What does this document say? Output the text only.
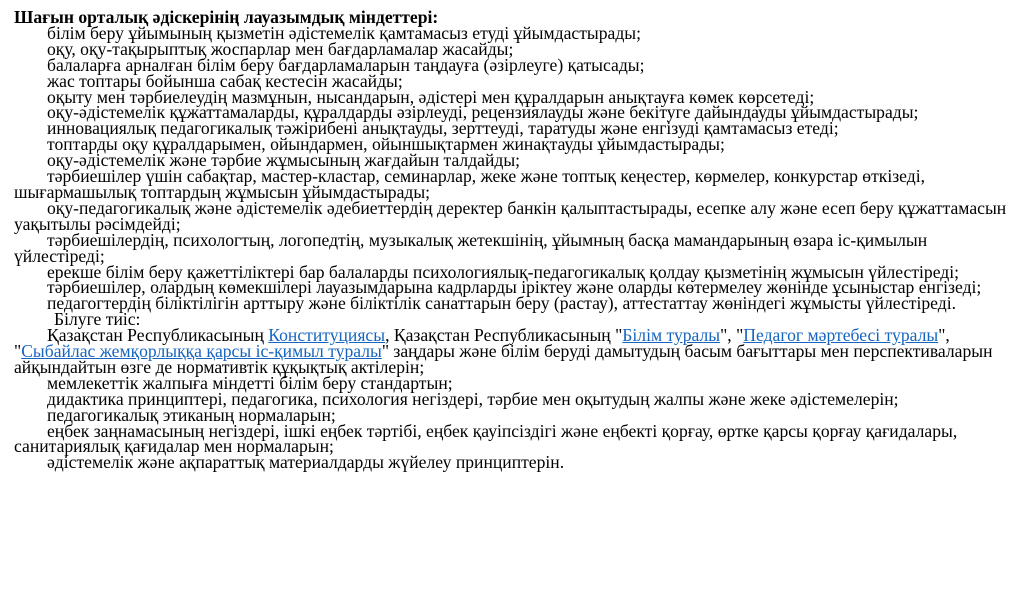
Шағын орталық әдіскерінің лауазымдық міндеттері:

білім беру ұйымының қызметін әдістемелік қамтамасыз етуді ұйымдастырады;

оқу, оқу-тақырыптық жоспарлар мен бағдарламалар жасайды;

балаларға арналған білім беру бағдарламаларын таңдауға (әзірлеуге) қатысады;

жас топтары бойынша сабақ кестесін жасайды;

оқыту мен тәрбиелеудің мазмұнын, нысандарын, әдістері мен құралдарын анықтауға көмек көрсетеді;

оқу-әдістемелік құжаттамаларды, құралдарды әзірлеуді, рецензиялауды және бекітуге дайындауды ұйымдастырады;

инновациялық педагогикалық тәжірибені анықтауды, зерттеуді, таратуды және енгізуді қамтамасыз етеді;

топтарды оқу құралдарымен, ойындармен, ойыншықтармен жинақтауды ұйымдастырады;

оқу-әдістемелік және тәрбие жұмысының жағдайын талдайды;

тәрбиешілер үшін сабақтар, мастер-кластар, семинарлар, жеке және топтық кеңестер, көрмелер, конкурстар өткізеді, шығармашылық топтардың жұмысын ұйымдастырады;

оқу-педагогикалық және әдістемелік әдебиеттердің деректер банкін қалыптастырады, есепке алу және есеп беру құжаттамасын уақытылы рәсімдейді;

тәрбиешілердің, психологтың, логопедтің, музыкалық жетекшінің, ұйымның басқа мамандарының өзара іс-қимылын үйлестіреді;

ерекше білім беру қажеттіліктері бар балаларды психологиялық-педагогикалық қолдау қызметінің жұмысын үйлестіреді;

тәрбиешілер, олардың көмекшілері лауазымдарына кадрларды іріктеу және оларды көтермелеу жөнінде ұсыныстар енгізеді;

педагогтердің біліктілігін арттыру және біліктілік санаттарын беру (растау), аттестаттау жөніндегі жұмысты үйлестіреді.

Білуге тиіс:

Қазақстан Республикасының Конституциясы, Қазақстан Республикасының "Білім туралы", "Педагог мәртебесі туралы", "Сыбайлас жемқорлыққа қарсы іс-қимыл туралы" заңдары және білім беруді дамытудың басым бағыттары мен перспективаларын айқындайтын өзге де нормативтік құқықтық актілерін;

мемлекеттік жалпыға міндетті білім беру стандартын;

дидактика принциптері, педагогика, психология негіздері, тәрбие мен оқытудың жалпы және жеке әдістемелерін;

педагогикалық этиканың нормаларын;

еңбек заңнамасының негіздері, ішкі еңбек тәртібі, еңбек қауіпсіздігі және еңбекті қорғау, өртке қарсы қорғау қағидалары, санитариялық қағидалар мен нормаларын;

әдістемелік және ақпараттық материалдарды жүйелеу принциптерін.
